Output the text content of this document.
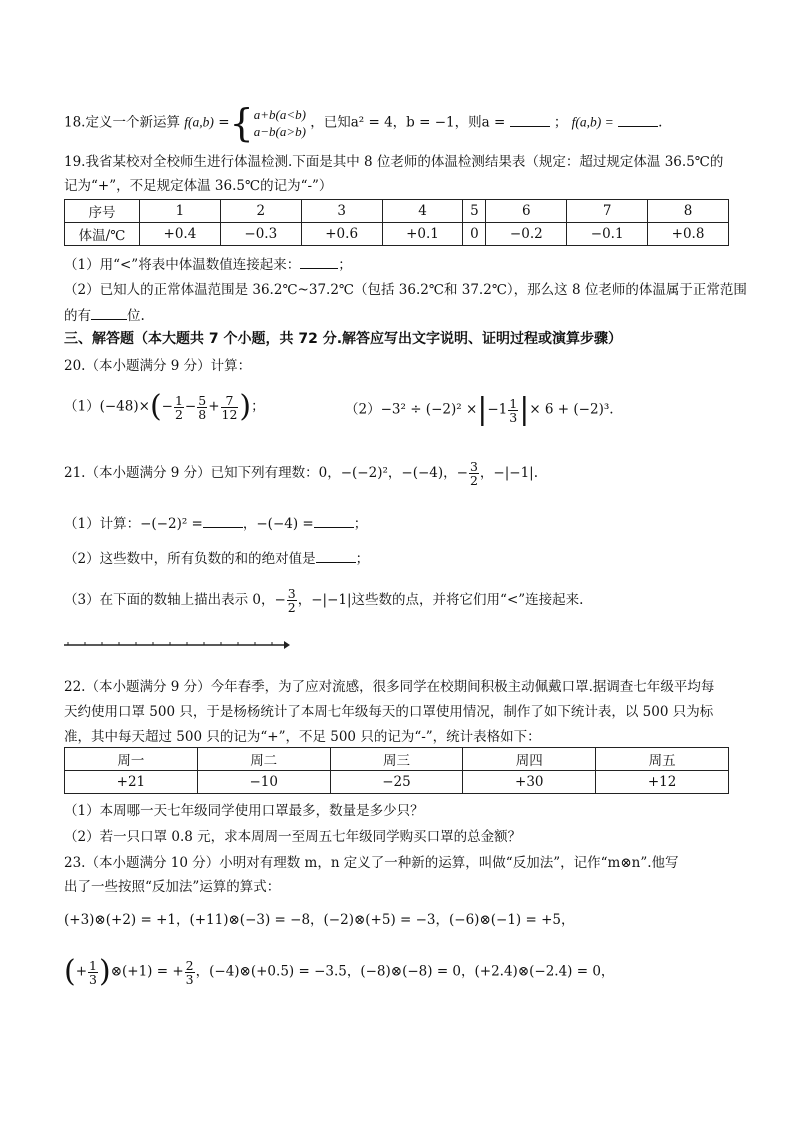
18.定义一个新运算 f(a,b) ={ a+b(a<b)
a−b(a>b)
，已知a² = 4，b = −1，则a =	； f(a,b) =	.
19.我省某校对全校师生进行体温检测.下面是其中 8 位老师的体温检测结果表（规定：超过规定体温 36.5℃的
记为“+”，不足规定体温 36.5℃的记为“-”）
序号	1	2	3	4	5	6	7	8
体温/℃	+0.4	−0.3	+0.6	+0.1	0	−0.2	−0.1	+0.8
（1）用“<”将表中体温数值连接起来：	；
（2）已知人的正常体温范围是 36.2℃~37.2℃（包括 36.2℃和 37.2℃），那么这 8 位老师的体温属于正常范围
的有	位.
三、解答题（本大题共 7 个小题，共 72 分.解答应写出文字说明、证明过程或演算步骤）
20.（本小题满分 9 分）计算：
$(1)(-48)\times(- \frac{1}{2} - \frac{5}{8} + \frac{7}{12}$ )；	$(2)-3^2 \div (-2)^2 \times|-1 \frac{1}{3}$ |× 6 + (−2)³.
21.（本小题满分 9 分）已知下列有理数：0，−(−2)²，−(−4)，− $\frac{3}{2}$ ，−|−1|.
（1）计算：−(−2)² =	，−(−4) =	；
（2）这些数中，所有负数的和的绝对值是	；
（3）在下面的数轴上描出表示 0，− $\frac{3}{2}$ ，−|−1|这些数的点，并将它们用“<”连接起来.
22.（本小题满分 9 分）今年春季，为了应对流感，很多同学在校期间积极主动佩戴口罩.据调查七年级平均每
天约使用口罩 500 只，于是杨杨统计了本周七年级每天的口罩使用情况，制作了如下统计表，以 500 只为标
准，其中每天超过 500 只的记为“+”，不足 500 只的记为“-”，统计表格如下：
周一	周二	周三	周四	周五
+21	−10	−25	+30	+12
（1）本周哪一天七年级同学使用口罩最多，数量是多少只？
（2）若一只口罩 0.8 元，求本周周一至周五七年级同学购买口罩的总金额？
23.（本小题满分 10 分）小明对有理数 m，n 定义了一种新的运算，叫做“反加法”，记作“m⊗n”.他写
出了一些按照“反加法”运算的算式：
(+3)⊗(+2) = +1，(+11)⊗(−3) = −8，(−2)⊗(+5) = −3，(−6)⊗(−1) = +5，
(+ $\frac{1}{3}$ )⊗(+1) = + $\frac{2}{3}$ ，(−4)⊗(+0.5) = −3.5，(−8)⊗(−8) = 0，(+2.4)⊗(−2.4) = 0，
